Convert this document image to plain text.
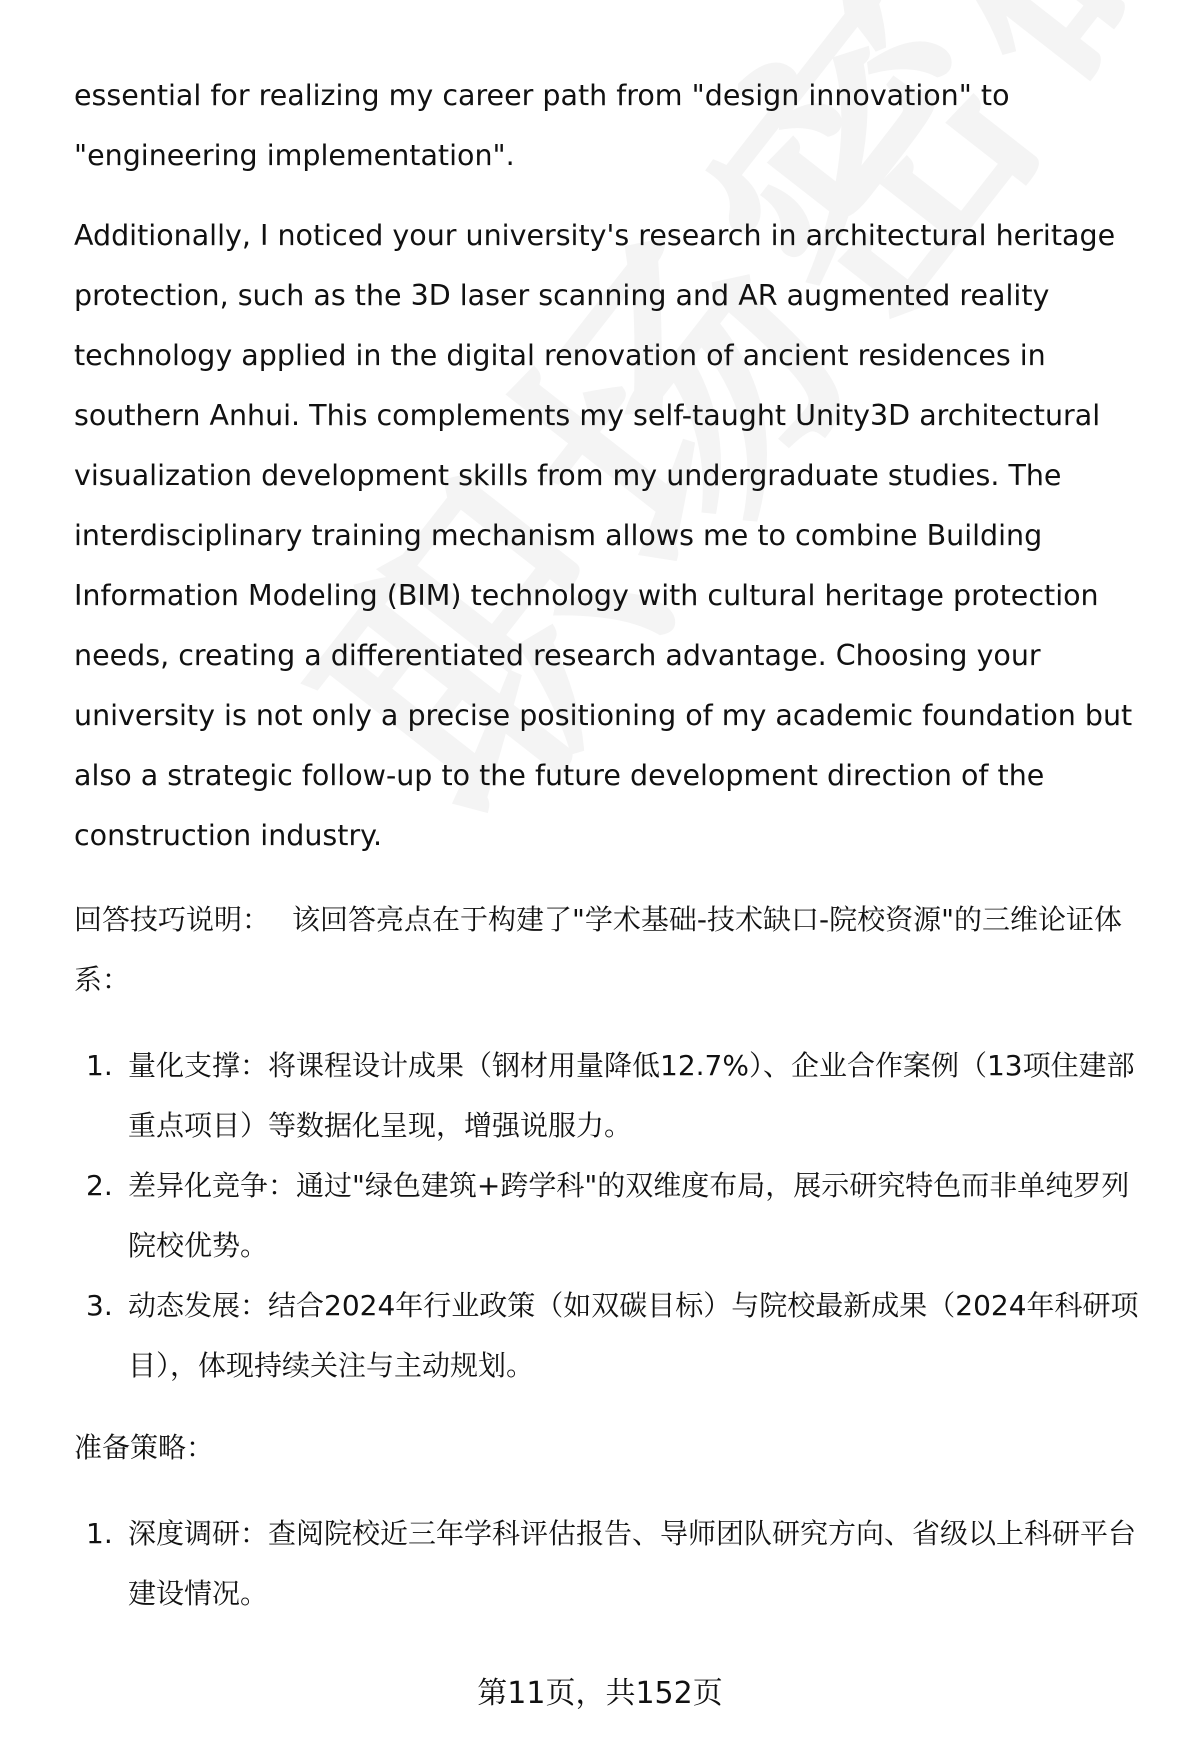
essential for realizing my career path from "design innovation" to "engineering implementation".

Additionally, I noticed your university's research in architectural heritage protection, such as the 3D laser scanning and AR augmented reality technology applied in the digital renovation of ancient residences in southern Anhui. This complements my self-taught Unity3D architectural visualization development skills from my undergraduate studies. The interdisciplinary training mechanism allows me to combine Building Information Modeling (BIM) technology with cultural heritage protection needs, creating a differentiated research advantage. Choosing your university is not only a precise positioning of my academic foundation but also a strategic follow-up to the future development direction of the construction industry.

回答技巧说明： 该回答亮点在于构建了"学术基础-技术缺口-院校资源"的三维论证体系：

1. 量化支撑：将课程设计成果（钢材用量降低12.7%）、企业合作案例（13项住建部重点项目）等数据化呈现，增强说服力。
2. 差异化竞争：通过"绿色建筑+跨学科"的双维度布局，展示研究特色而非单纯罗列院校优势。
3. 动态发展：结合2024年行业政策（如双碳目标）与院校最新成果（2024年科研项目），体现持续关注与主动规划。

准备策略：

1. 深度调研：查阅院校近三年学科评估报告、导师团队研究方向、省级以上科研平台建设情况。
第11页，共152页
